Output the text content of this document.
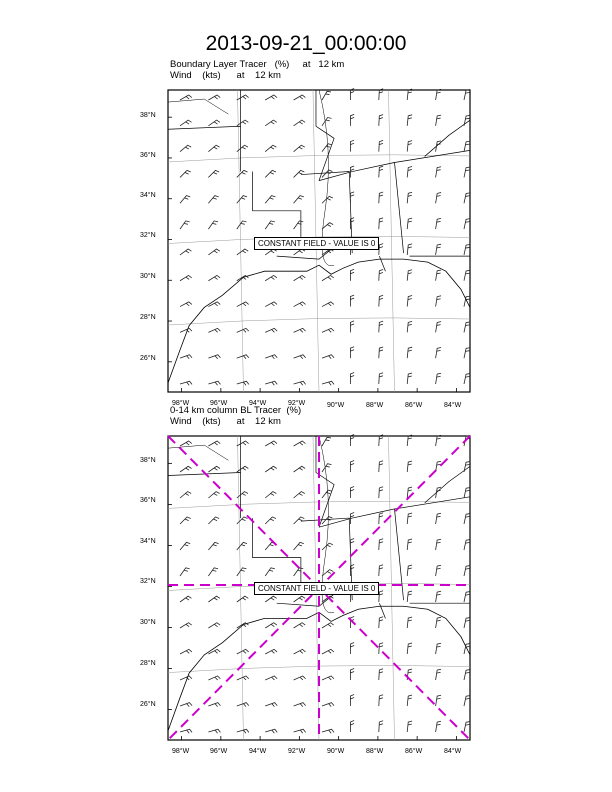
2013-09-21_00:00:00
Boundary Layer Tracer (%) at 12 km
Wind (kts) at 12 km
0-14 km column BL Tracer (%)
Wind (kts) at 12 km
38°N
36°N
34°N
32°N
30°N
28°N
26°N
98°W	96°W	94°W	92°W	90°W	88°W	86°W	84°W
38°N
36°N
34°N
32°N
30°N
28°N
26°N
98°W	96°W	94°W	92°W	90°W	88°W	86°W	84°W
CONSTANT FIELD - VALUE IS 0
CONSTANT FIELD - VALUE IS 0
